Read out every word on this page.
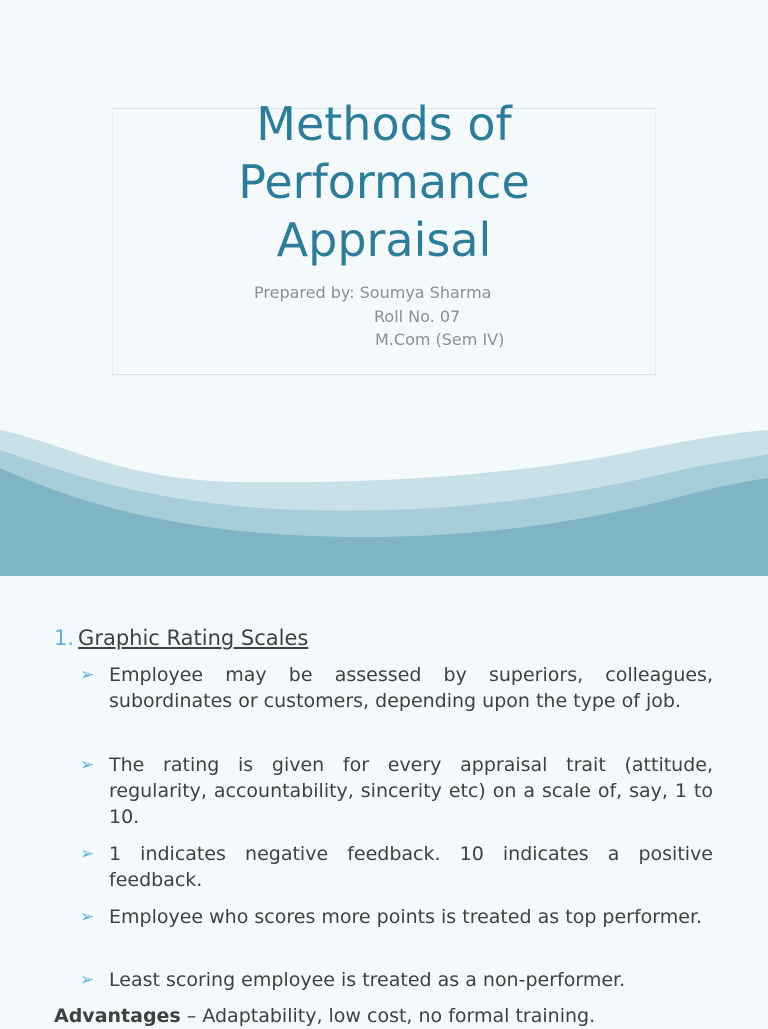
Methods of
Performance
Appraisal
Prepared by: Soumya Sharma
Roll No. 07
M.Com (Sem IV)
1. Graphic Rating Scales
➢ Employee may be assessed by superiors, colleagues, subordinates or customers, depending upon the type of job.
➢ The rating is given for every appraisal trait (attitude, regularity, accountability, sincerity etc) on a scale of, say, 1 to 10.
➢ 1 indicates negative feedback. 10 indicates a positive feedback.
➢ Employee who scores more points is treated as top performer.
➢ Least scoring employee is treated as a non-performer.
Advantages – Adaptability, low cost, no formal training.
